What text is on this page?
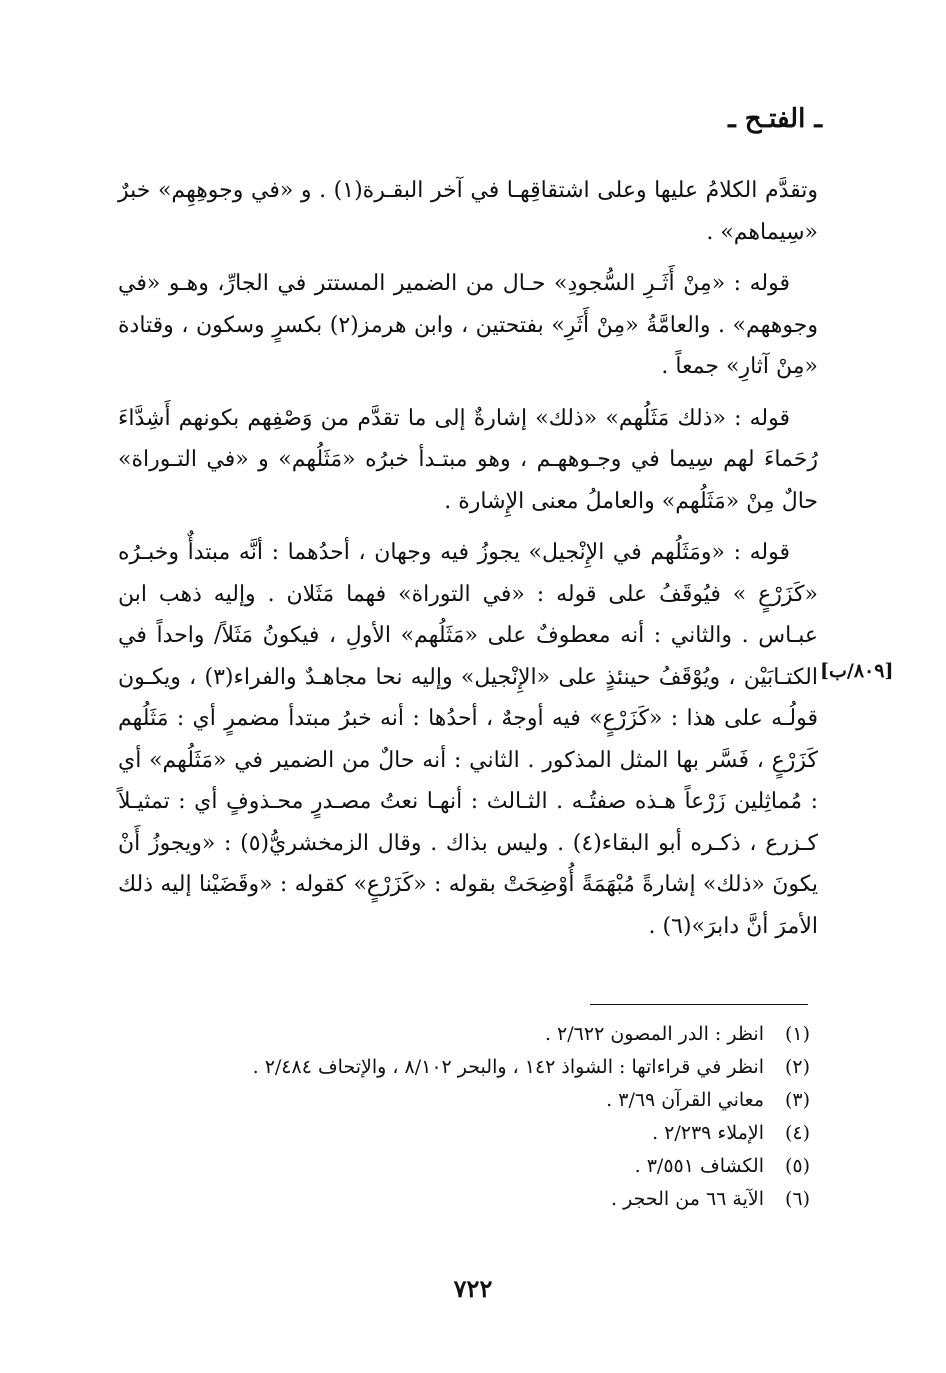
ـ الفتـح ـ

وتقدَّم الكلامُ عليها وعلى اشتقاقِهـا في آخر البقـرة(١) . و «في وجوهِهِم» خبرٌ «سِيماهم» .

قوله : «مِنْ أَثَـرِ السُّجودِ» حـال من الضمير المستتر في الجارِّ، وهـو «في وجوههم» . والعامَّةُ «مِنْ أَثَرِ» بفتحتين ، وابن هرمز(٢) بكسرٍ وسكون ، وقتادة «مِنْ آثارِ» جمعاً .

قوله : «ذلك مَثَلُهم» «ذلك» إشارةٌ إلى ما تقدَّم من وَصْفِهم بكونهم أَشِدَّاءَ رُحَماءَ لهم سِيما في وجـوههـم ، وهو مبتـدأ خبرُه «مَثَلُهم» و «في التـوراة» حالٌ مِنْ «مَثَلُهم» والعاملُ معنى الإِشارة .

قوله : «ومَثَلُهم في الإِنْجيل» يجوزُ فيه وجهان ، أحدُهما : أنَّه مبتدأٌ وخبـرُه «كَزَرْعٍ » فيُوقَفُ على قوله : «في التوراة» فهما مَثَلان . وإليه ذهب ابن عبـاس . والثاني : أنه معطوفٌ على «مَثَلُهم» الأولِ ، فيكونُ مَثَلاً/ واحداً في الكتـابَيْن ، ويُوْقَفُ حينئذٍ على «الإِنْجيل» وإليه نحا مجاهـدٌ والفراء(٣) ، ويكـون قولُـه على هذا : «كَزَرْعٍ» فيه أوجهٌ ، أحدُها : أنه خبرُ مبتدأ مضمرٍ أي : مَثَلُهم كَزَرْعٍ ، فَسَّر بها المثل المذكور . الثاني : أنه حالٌ من الضمير في «مَثَلُهم» أي : مُماثِلين زَرْعاً هـذه صفتُـه . الثـالث : أنهـا نعتُ مصـدرٍ محـذوفٍ أي : تمثيـلاً كـزرع ، ذكـره أبو البقاء(٤) . وليس بذاك . وقال الزمخشريُّ(٥) : «ويجوزُ أَنْ يكونَ «ذلك» إشارةً مُبْهَمَةً أُوْضِحَتْ بقوله : «كَزَرْعٍ» كقوله : «وقَضَيْنا إليه ذلك الأمرَ أنَّ دابرَ»(٦) .

[٨٠٩/ب]
(١)
انظر : الدر المصون ٢/٦٢٢ .
(٢)
انظر في قراءاتها : الشواذ ١٤٢ ، والبحر ٨/١٠٢ ، والإتحاف ٢/٤٨٤ .
(٣)
معاني القرآن ٣/٦٩ .
(٤)
الإملاء ٢/٢٣٩ .
(٥)
الكشاف ٣/٥٥١ .
(٦)
الآية ٦٦ من الحجر .
٧٢٢
